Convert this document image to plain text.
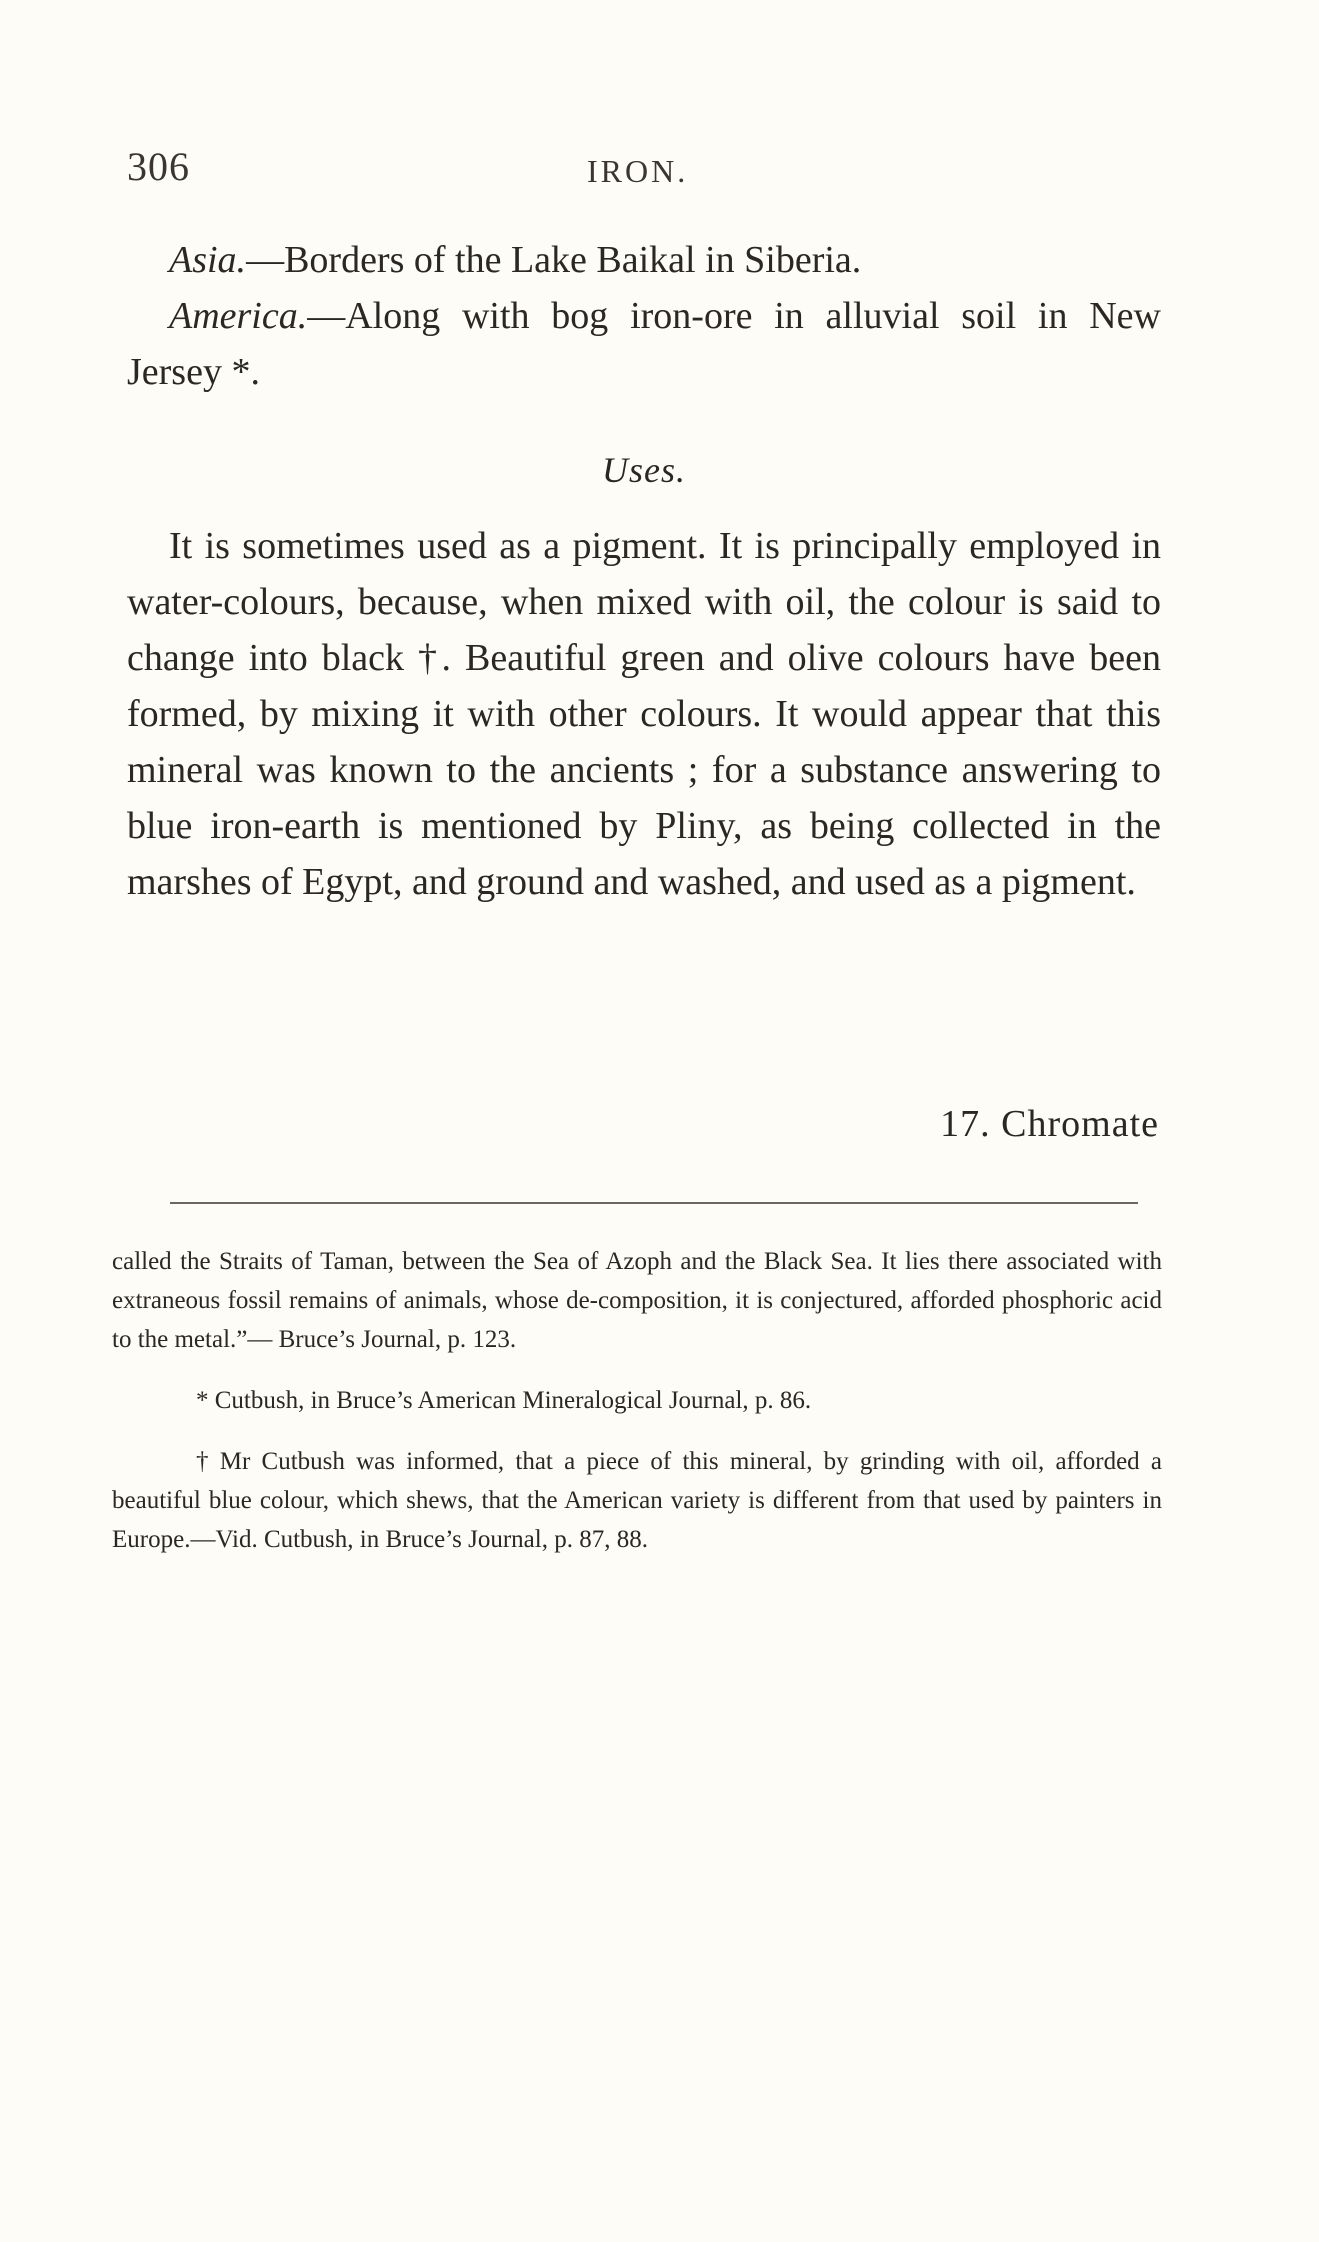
306	IRON.

Asia.—Borders of the Lake Baikal in Siberia.

America.—Along with bog iron-ore in alluvial soil in New Jersey *.

Uses.

It is sometimes used as a pigment. It is principally employed in water-colours, because, when mixed with oil, the colour is said to change into black †. Beautiful green and olive colours have been formed, by mixing it with other colours. It would appear that this mineral was known to the ancients ; for a substance answering to blue iron-earth is mentioned by Pliny, as being collected in the marshes of Egypt, and ground and washed, and used as a pigment.

17. Chromate

called the Straits of Taman, between the Sea of Azoph and the Black Sea. It lies there associated with extraneous fossil remains of animals, whose de-composition, it is conjectured, afforded phosphoric acid to the metal.”— Bruce’s Journal, p. 123.

* Cutbush, in Bruce’s American Mineralogical Journal, p. 86.

† Mr Cutbush was informed, that a piece of this mineral, by grinding with oil, afforded a beautiful blue colour, which shews, that the American variety is different from that used by painters in Europe.—Vid. Cutbush, in Bruce’s Journal, p. 87, 88.
